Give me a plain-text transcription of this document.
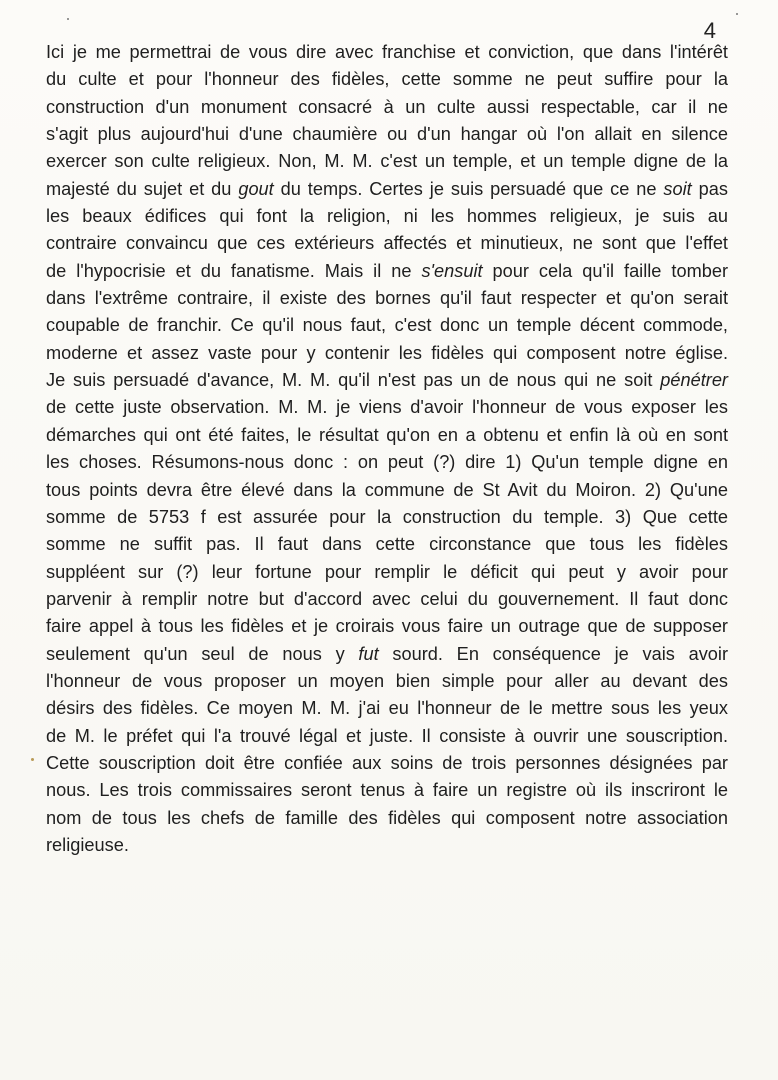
4
Ici je me permettrai de vous dire avec franchise et conviction, que dans l'intérêt
du culte et pour l'honneur des fidèles, cette somme ne peut suffire pour la
construction d'un monument consacré à un culte aussi respectable, car il ne
s'agit plus aujourd'hui d'une chaumière ou d'un hangar où l'on allait en silence
exercer son culte religieux. Non, M. M. c'est un temple, et un temple digne de la
majesté du sujet et du gout du temps. Certes je suis persuadé que ce ne soit pas
les beaux édifices qui font la religion, ni les hommes religieux, je suis au
contraire convaincu que ces extérieurs affectés et minutieux, ne sont que l'effet
de l'hypocrisie et du fanatisme. Mais il ne s'ensuit pour cela qu'il faille tomber
dans l'extrême contraire, il existe des bornes qu'il faut respecter et qu'on serait
coupable de franchir. Ce qu'il nous faut, c'est donc un temple décent commode,
moderne et assez vaste pour y contenir les fidèles qui composent notre église.
Je suis persuadé d'avance, M. M. qu'il n'est pas un de nous qui ne soit pénétrer
de cette juste observation. M. M. je viens d'avoir l'honneur de vous exposer les
démarches qui ont été faites, le résultat qu'on en a obtenu et enfin là où en sont
les choses. Résumons-nous donc : on peut (?) dire 1) Qu'un temple digne en
tous points devra être élevé dans la commune de St Avit du Moiron. 2) Qu'une
somme de 5753 f est assurée pour la construction du temple. 3) Que cette
somme ne suffit pas. Il faut dans cette circonstance que tous les fidèles
suppléent sur (?) leur fortune pour remplir le déficit qui peut y avoir pour
parvenir à remplir notre but d'accord avec celui du gouvernement. Il faut donc
faire appel à tous les fidèles et je croirais vous faire un outrage que de supposer
seulement qu'un seul de nous y fut sourd. En conséquence je vais avoir
l'honneur de vous proposer un moyen bien simple pour aller au devant des
désirs des fidèles. Ce moyen M. M. j'ai eu l'honneur de le mettre sous les yeux
de M. le préfet qui l'a trouvé légal et juste. Il consiste à ouvrir une souscription.
Cette souscription doit être confiée aux soins de trois personnes désignées par
nous. Les trois commissaires seront tenus à faire un registre où ils inscriront le
nom de tous les chefs de famille des fidèles qui composent notre association
religieuse.
